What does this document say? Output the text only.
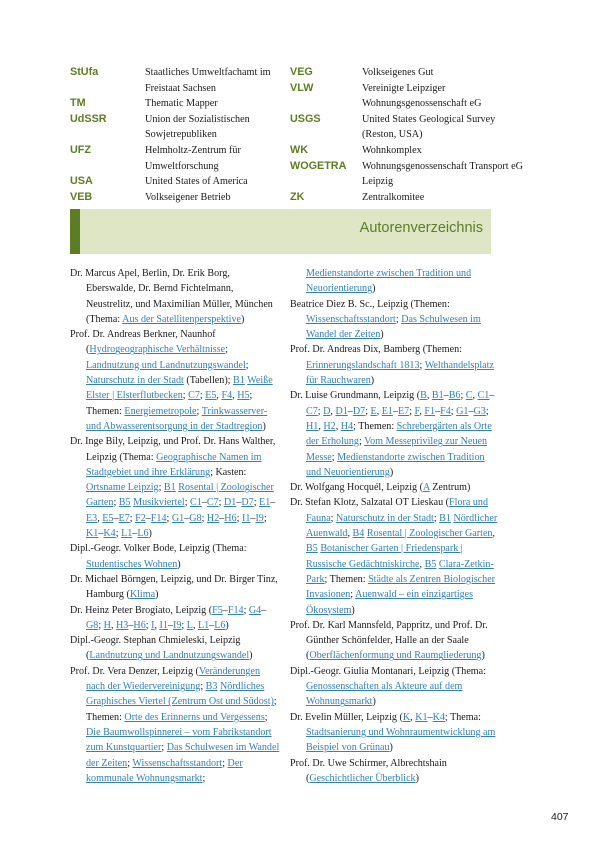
StUfa	Staatliches Umweltfachamt im Freistaat Sachsen
TM	Thematic Mapper
UdSSR	Union der Sozialistischen Sowjetrepubliken
UFZ	Helmholtz-Zentrum für Umweltforschung
USA	United States of America
VEB	Volkseigener Betrieb
VEG	Volkseigenes Gut
VLW	Vereinigte Leipziger Wohnungsgenossenschaft eG
USGS	United States Geological Survey (Reston, USA)
WK	Wohnkomplex
WOGETRA	Wohnungsgenossenschaft Transport eG Leipzig
ZK	Zentralkomitee
Autorenverzeichnis
Dr. Marcus Apel, Berlin, Dr. Erik Borg, Eberswalde, Dr. Bernd Fichtelmann, Neustrelitz, und Maximilian Müller, München (Thema: Aus der Satellitenperspektive)
Prof. Dr. Andreas Berkner, Naunhof (Hydrogeographische Verhältnisse; Landnutzung und Landnutzungswandel; Naturschutz in der Stadt (Tabellen); B1 Weiße Elster | Elsterflutbecken; C7; E5, F4, H5; Themen: Energiemetropole; Trinkwasserver- und Abwasserentsorgung in der Stadtregion)
Dr. Inge Bily, Leipzig, und Prof. Dr. Hans Walther, Leipzig (Thema: Geographische Namen im Stadtgebiet und ihre Erklärung; Kasten: Ortsname Leipzig; B1 Rosental | Zoologischer Garten; B5 Musikviertel; C1–C7; D1–D7; E1–E3, E5–E7; F2–F14; G1–G8; H2–H6; I1–I9; K1–K4; L1–L6)
Dipl.-Geogr. Volker Bode, Leipzig (Thema: Studentisches Wohnen)
Dr. Michael Börngen, Leipzig, und Dr. Birger Tinz, Hamburg (Klima)
Dr. Heinz Peter Brogiato, Leipzig (F5–F14; G4–G8; H, H3–H6; I, I1–I9; L, L1–L6)
Dipl.-Geogr. Stephan Chmieleski, Leipzig (Landnutzung und Landnutzungswandel)
Prof. Dr. Vera Denzer, Leipzig (Veränderungen nach der Wiedervereinigung; B3 Nördliches Graphisches Viertel (Zentrum Ost und Südost); Themen: Orte des Erinnerns und Vergessens; Die Baumwollspinnerei – vom Fabrikstandort zum Kunstquartier; Das Schulwesen im Wandel der Zeiten; Wissenschaftsstandort; Der kommunale Wohnungsmarkt;
Medienstandorte zwischen Tradition und Neuorientierung)
Beatrice Diez B. Sc., Leipzig (Themen: Wissenschaftsstandort; Das Schulwesen im Wandel der Zeiten)
Prof. Dr. Andreas Dix, Bamberg (Themen: Erinnerungslandschaft 1813; Welthandelsplatz für Rauchwaren)
Dr. Luise Grundmann, Leipzig (B, B1–B6; C, C1–C7; D, D1–D7; E, E1–E7; F, F1–F4; G1–G3; H1, H2, H4; Themen: Schrebergärten als Orte der Erholung; Vom Messeprivileg zur Neuen Messe; Medienstandorte zwischen Tradition und Neuorientierung)
Dr. Wolfgang Hocquél, Leipzig (A Zentrum)
Dr. Stefan Klotz, Salzatal OT Lieskau (Flora und Fauna; Naturschutz in der Stadt; B1 Nördlicher Auenwald, B4 Rosental | Zoologischer Garten, B5 Botanischer Garten | Friedenspark | Russische Gedächtniskirche, B5 Clara-Zetkin-Park; Themen: Städte als Zentren Biologischer Invasionen; Auenwald – ein einzigartiges Ökosystem)
Prof. Dr. Karl Mannsfeld, Pappritz, und Prof. Dr. Günther Schönfelder, Halle an der Saale (Oberflächenformung und Raumgliederung)
Dipl.-Geogr. Giulia Montanari, Leipzig (Thema: Genossenschaften als Akteure auf dem Wohnungsmarkt)
Dr. Evelin Müller, Leipzig (K, K1–K4; Thema: Stadtsanierung und Wohnraumentwicklung am Beispiel von Grünau)
Prof. Dr. Uwe Schirmer, Albrechtshain (Geschichtlicher Überblick)
407
